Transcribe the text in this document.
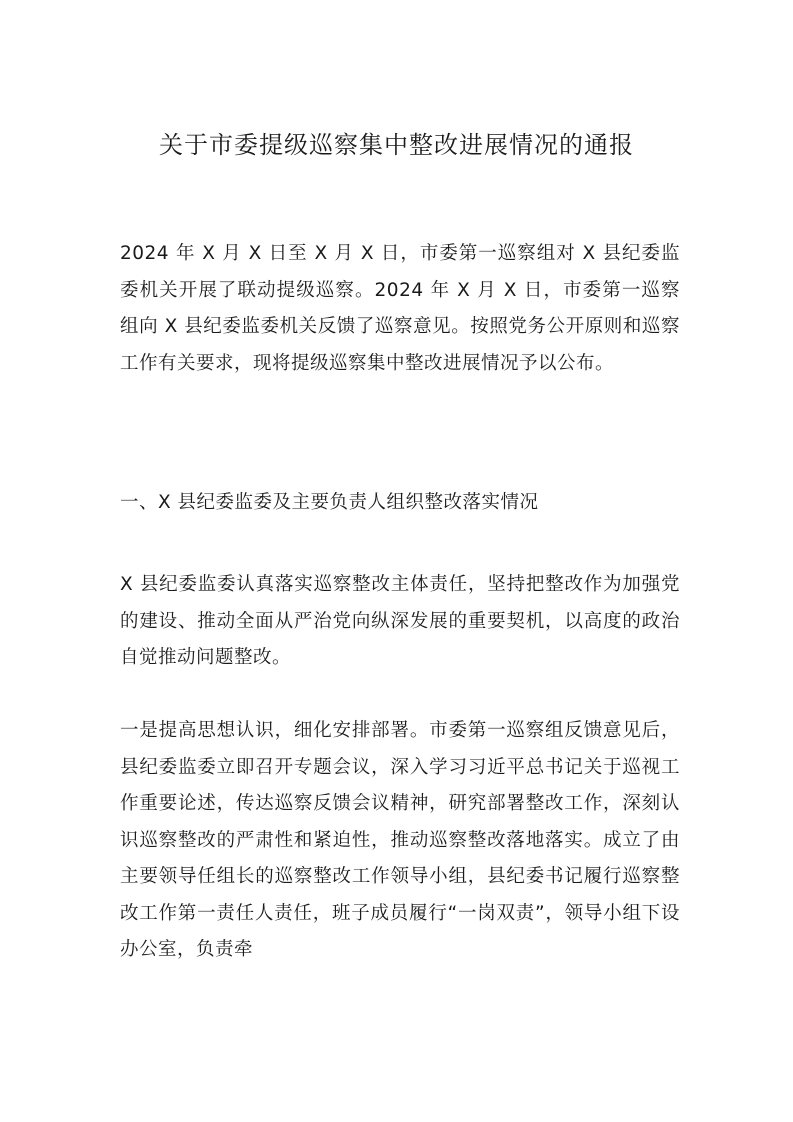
关于市委提级巡察集中整改进展情况的通报

2024 年 X 月 X 日至 X 月 X 日，市委第一巡察组对 X 县纪委监委机关开展了联动提级巡察。2024 年 X 月 X 日，市委第一巡察组向 X 县纪委监委机关反馈了巡察意见。按照党务公开原则和巡察工作有关要求，现将提级巡察集中整改进展情况予以公布。

一、X 县纪委监委及主要负责人组织整改落实情况

X 县纪委监委认真落实巡察整改主体责任，坚持把整改作为加强党的建设、推动全面从严治党向纵深发展的重要契机，以高度的政治自觉推动问题整改。

一是提高思想认识，细化安排部署。市委第一巡察组反馈意见后，县纪委监委立即召开专题会议，深入学习习近平总书记关于巡视工作重要论述，传达巡察反馈会议精神，研究部署整改工作，深刻认识巡察整改的严肃性和紧迫性，推动巡察整改落地落实。成立了由主要领导任组长的巡察整改工作领导小组，县纪委书记履行巡察整改工作第一责任人责任，班子成员履行“一岗双责”，领导小组下设办公室，负责牵
